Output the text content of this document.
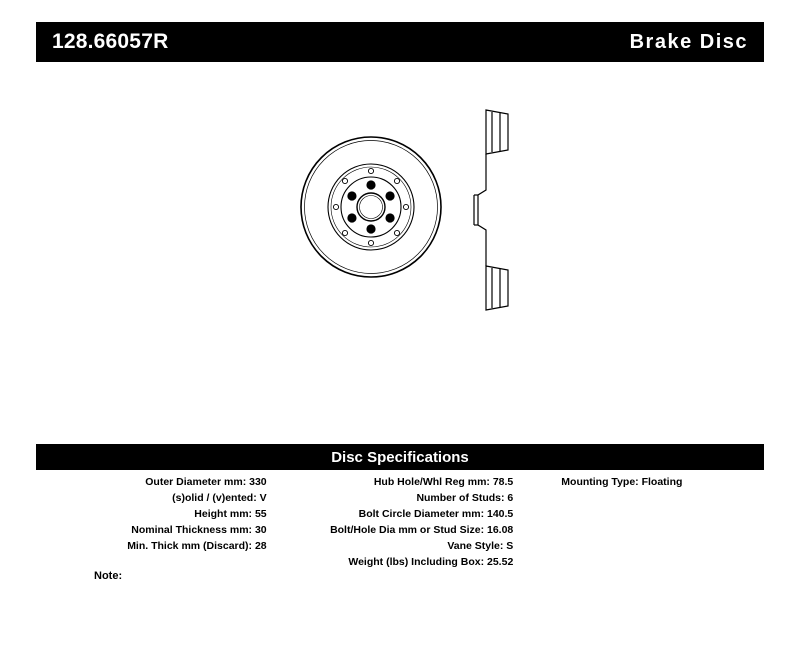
128.66057R	Brake Disc
Disc Specifications
Outer Diameter mm: 330
(s)olid / (v)ented: V
Height mm: 55
Nominal Thickness mm: 30
Min. Thick mm (Discard): 28
Hub Hole/Whl Reg mm: 78.5
Number of Studs: 6
Bolt Circle Diameter mm: 140.5
Bolt/Hole Dia mm or Stud Size: 16.08
Vane Style: S
Weight (lbs) Including Box: 25.52
Mounting Type: Floating
Note:
